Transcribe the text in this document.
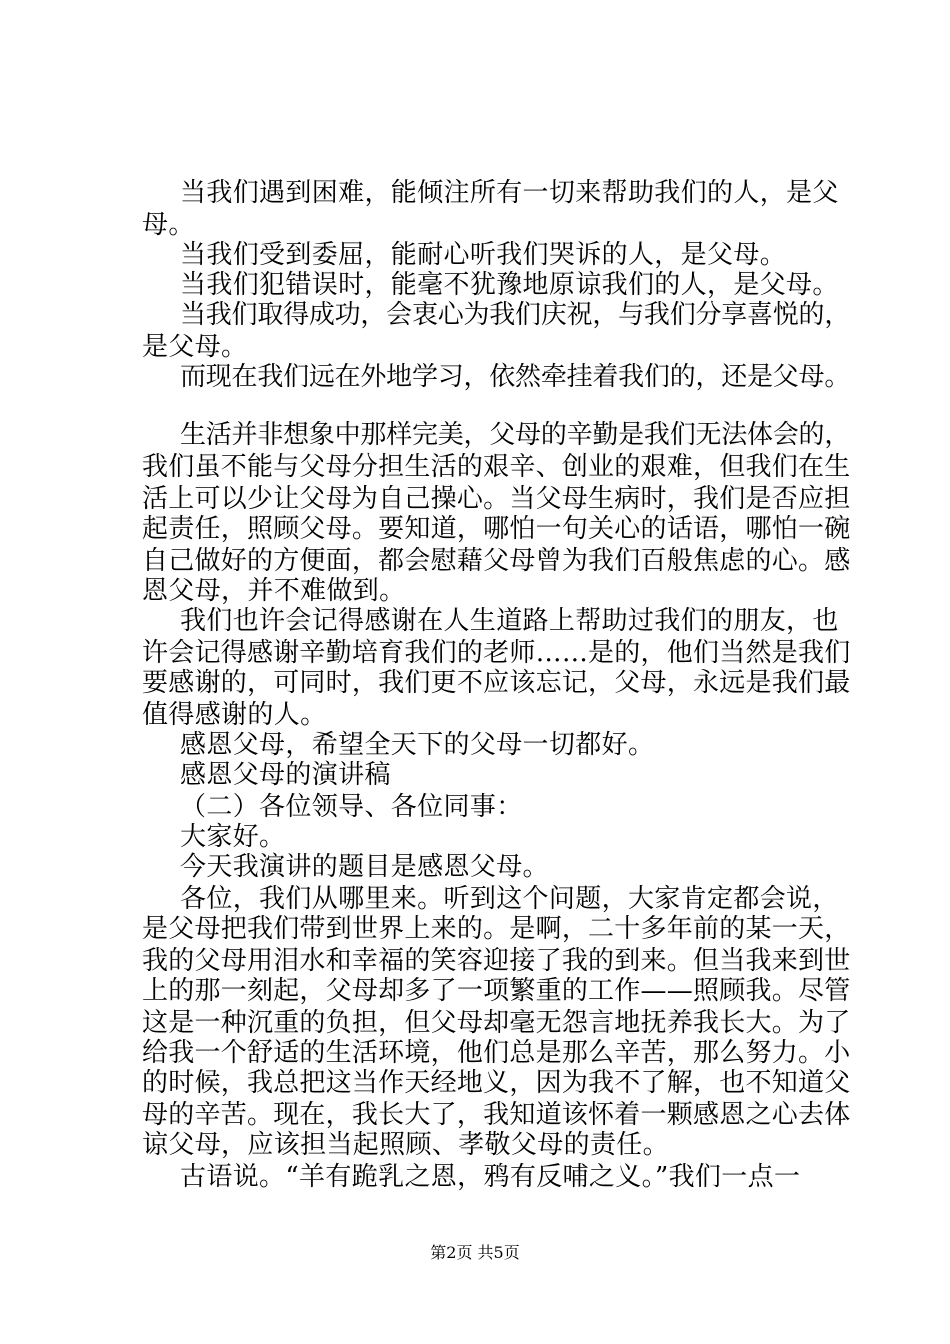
当我们遇到困难，能倾注所有一切来帮助我们的人，是父
母。
当我们受到委屈，能耐心听我们哭诉的人，是父母。
当我们犯错误时，能毫不犹豫地原谅我们的人，是父母。
当我们取得成功，会衷心为我们庆祝，与我们分享喜悦的，
是父母。
而现在我们远在外地学习，依然牵挂着我们的，还是父母。
生活并非想象中那样完美，父母的辛勤是我们无法体会的，
我们虽不能与父母分担生活的艰辛、创业的艰难，但我们在生
活上可以少让父母为自己操心。当父母生病时，我们是否应担
起责任，照顾父母。要知道，哪怕一句关心的话语，哪怕一碗
自己做好的方便面，都会慰藉父母曾为我们百般焦虑的心。感
恩父母，并不难做到。
我们也许会记得感谢在人生道路上帮助过我们的朋友，也
许会记得感谢辛勤培育我们的老师……是的，他们当然是我们
要感谢的，可同时，我们更不应该忘记，父母，永远是我们最
值得感谢的人。
感恩父母，希望全天下的父母一切都好。
感恩父母的演讲稿
（二）各位领导、各位同事：
大家好。
今天我演讲的题目是感恩父母。
各位，我们从哪里来。听到这个问题，大家肯定都会说，
是父母把我们带到世界上来的。是啊，二十多年前的某一天，
我的父母用泪水和幸福的笑容迎接了我的到来。但当我来到世
上的那一刻起，父母却多了一项繁重的工作——照顾我。尽管
这是一种沉重的负担，但父母却毫无怨言地抚养我长大。为了
给我一个舒适的生活环境，他们总是那么辛苦，那么努力。小
的时候，我总把这当作天经地义，因为我不了解，也不知道父
母的辛苦。现在，我长大了，我知道该怀着一颗感恩之心去体
谅父母，应该担当起照顾、孝敬父母的责任。
古语说。“羊有跪乳之恩，鸦有反哺之义。”我们一点一
第2页 共5页
